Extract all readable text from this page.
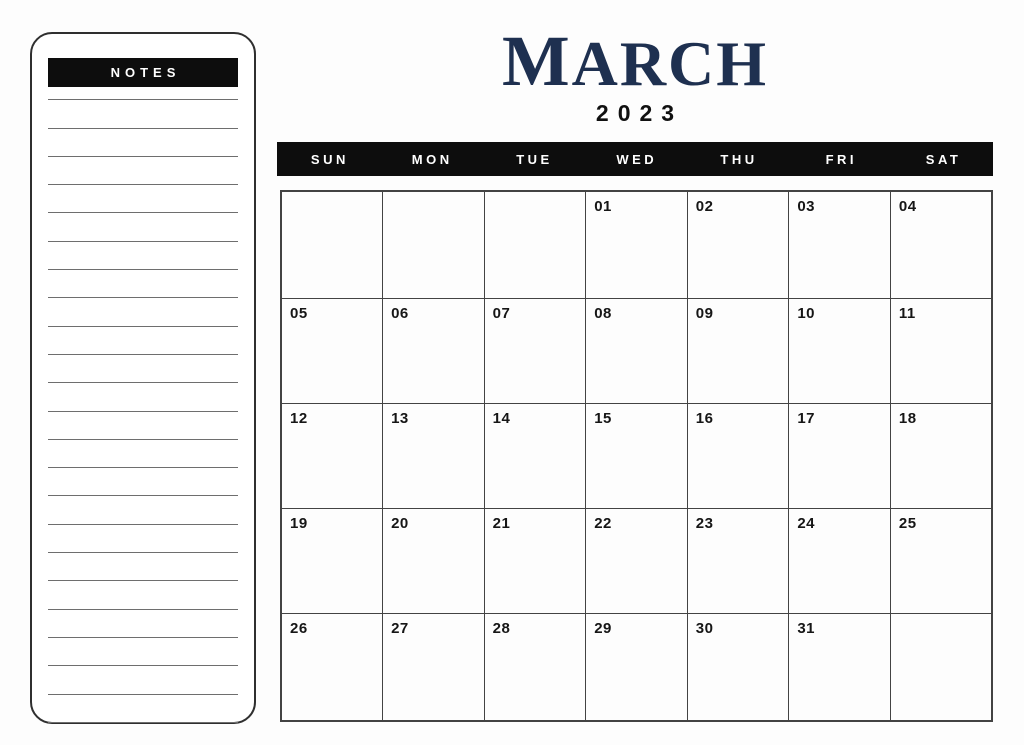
NOTES	MARCH
2023
SUN	MON	TUE	WED	THU	FRI	SAT
			01	02	03	04
05	06	07	08	09	10	11
12	13	14	15	16	17	18
19	20	21	22	23	24	25
26	27	28	29	30	31	
